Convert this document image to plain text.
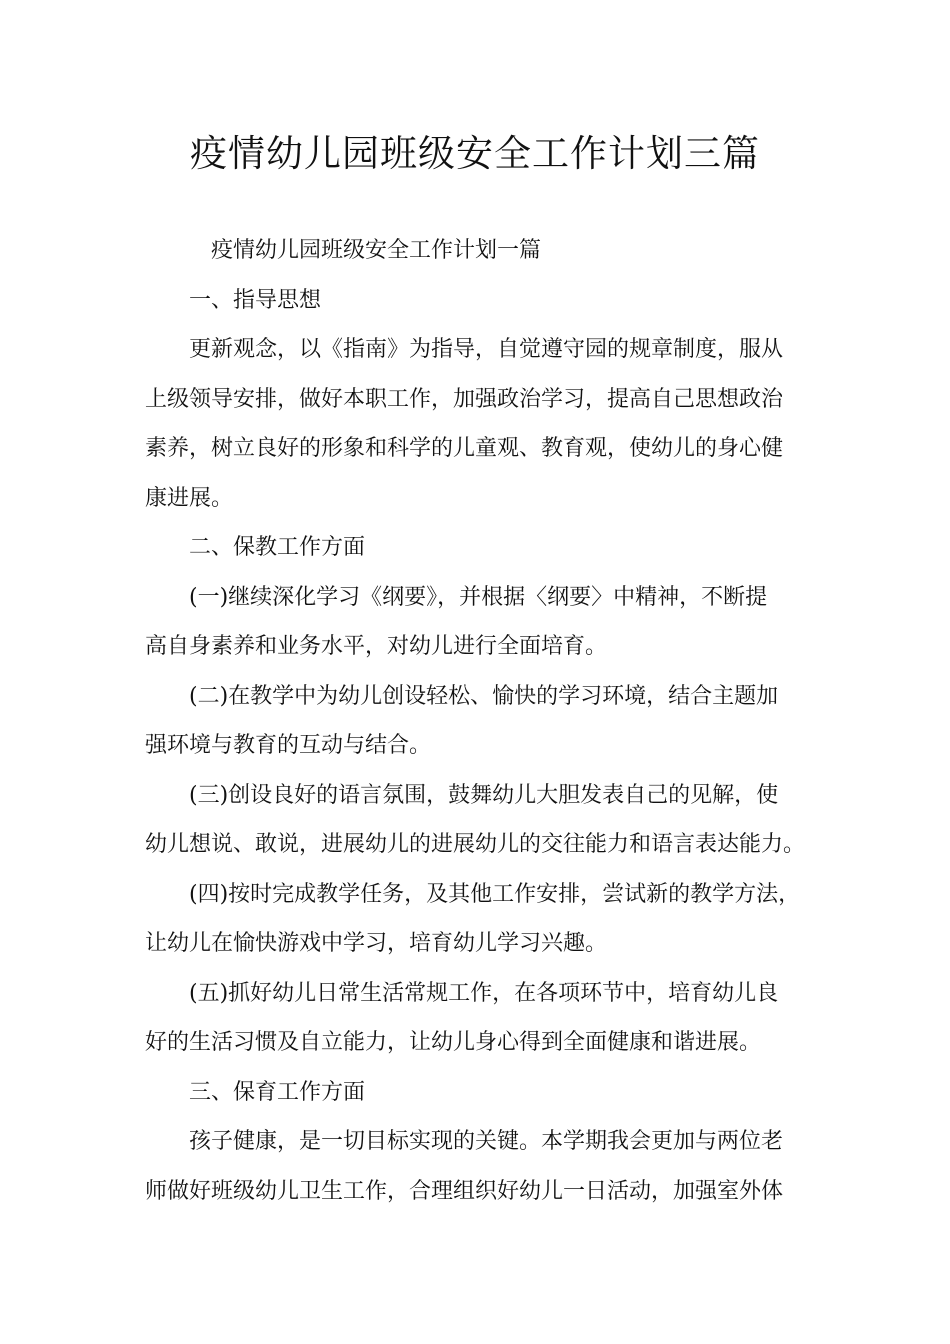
疫情幼儿园班级安全工作计划三篇

疫情幼儿园班级安全工作计划一篇

一、指导思想

更新观念，以《指南》为指导，自觉遵守园的规章制度，服从

上级领导安排，做好本职工作，加强政治学习，提高自己思想政治

素养，树立良好的形象和科学的儿童观、教育观，使幼儿的身心健

康进展。

二、保教工作方面

(一)继续深化学习《纲要》，并根据〈纲要〉中精神，不断提

高自身素养和业务水平，对幼儿进行全面培育。

(二)在教学中为幼儿创设轻松、愉快的学习环境，结合主题加

强环境与教育的互动与结合。

(三)创设良好的语言氛围，鼓舞幼儿大胆发表自己的见解，使

幼儿想说、敢说，进展幼儿的进展幼儿的交往能力和语言表达能力。

(四)按时完成教学任务，及其他工作安排，尝试新的教学方法，

让幼儿在愉快游戏中学习，培育幼儿学习兴趣。

(五)抓好幼儿日常生活常规工作，在各项环节中，培育幼儿良

好的生活习惯及自立能力，让幼儿身心得到全面健康和谐进展。

三、保育工作方面

孩子健康，是一切目标实现的关键。本学期我会更加与两位老

师做好班级幼儿卫生工作，合理组织好幼儿一日活动，加强室外体
